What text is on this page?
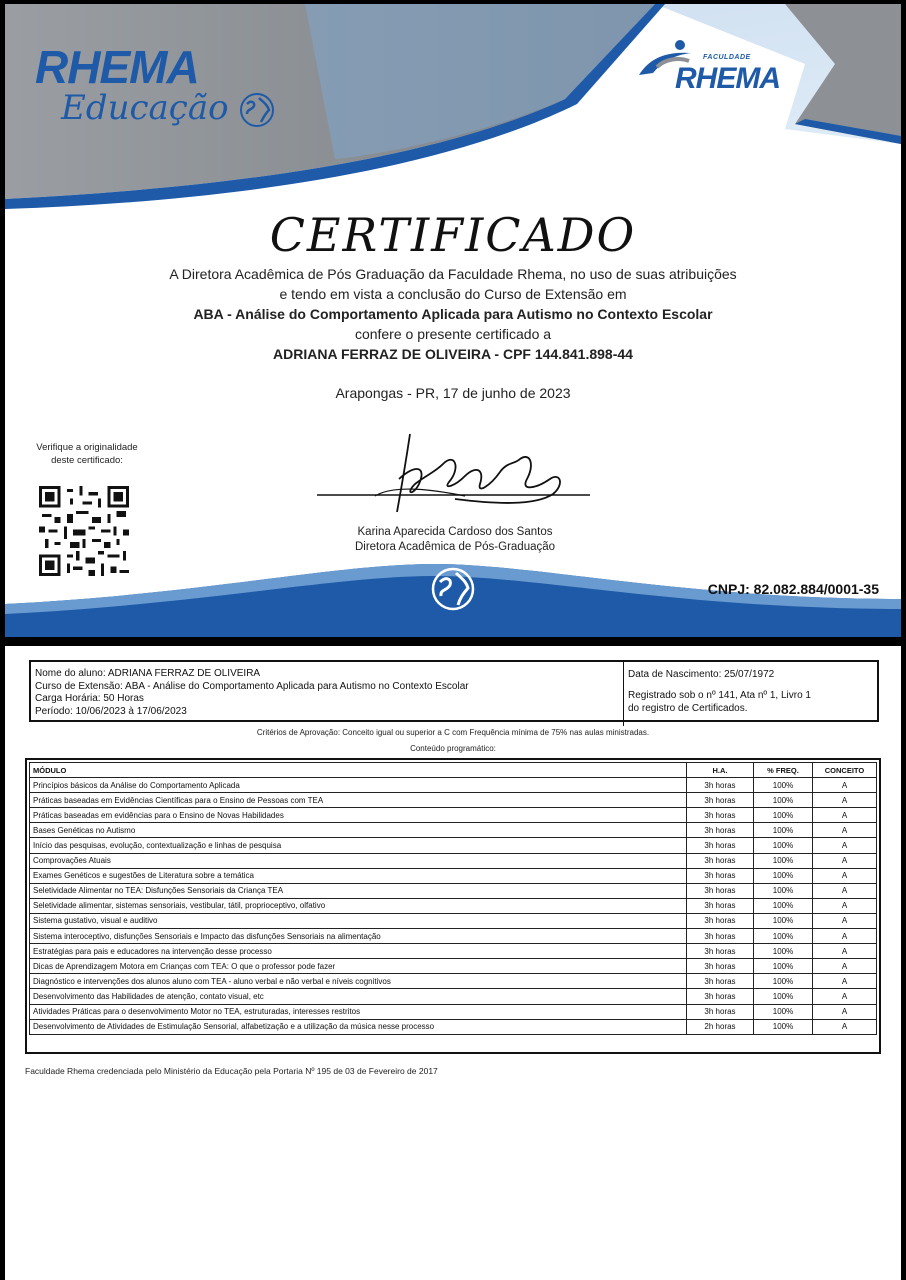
RHEMA
Educação
FACULDADE
RHEMA
CERTIFICADO
A Diretora Acadêmica de Pós Graduação da Faculdade Rhema, no uso de suas atribuições
e tendo em vista a conclusão do Curso de Extensão em
ABA - Análise do Comportamento Aplicada para Autismo no Contexto Escolar
confere o presente certificado a
ADRIANA FERRAZ DE OLIVEIRA - CPF 144.841.898-44
Arapongas - PR, 17 de junho de 2023
Verifique a originalidade
deste certificado:
Karina Aparecida Cardoso dos Santos
Diretora Acadêmica de Pós-Graduação
CNPJ: 82.082.884/0001-35
Nome do aluno: ADRIANA FERRAZ DE OLIVEIRA
Curso de Extensão: ABA - Análise do Comportamento Aplicada para Autismo no Contexto Escolar
Carga Horária: 50 Horas
Período: 10/06/2023 à 17/06/2023
Data de Nascimento: 25/07/1972
Registrado sob o nº 141, Ata nº 1, Livro 1
do registro de Certificados.
Critérios de Aprovação: Conceito igual ou superior a C com Frequência mínima de 75% nas aulas ministradas.
Conteúdo programático:
MÓDULO	H.A.	% FREQ.	CONCEITO
Princípios básicos da Análise do Comportamento Aplicada	3h horas	100%	A
Práticas baseadas em Evidências Científicas para o Ensino de Pessoas com TEA	3h horas	100%	A
Práticas baseadas em evidências para o Ensino de Novas Habilidades	3h horas	100%	A
Bases Genéticas no Autismo	3h horas	100%	A
Início das pesquisas, evolução, contextualização e linhas de pesquisa	3h horas	100%	A
Comprovações Atuais	3h horas	100%	A
Exames Genéticos e sugestões de Literatura sobre a temática	3h horas	100%	A
Seletividade Alimentar no TEA: Disfunções Sensoriais da Criança TEA	3h horas	100%	A
Seletividade alimentar, sistemas sensoriais, vestibular, tátil, proprioceptivo, olfativo	3h horas	100%	A
Sistema gustativo, visual e auditivo	3h horas	100%	A
Sistema interoceptivo, disfunções Sensoriais e Impacto das disfunções Sensoriais na alimentação	3h horas	100%	A
Estratégias para pais e educadores na intervenção desse processo	3h horas	100%	A
Dicas de Aprendizagem Motora em Crianças com TEA: O que o professor pode fazer	3h horas	100%	A
Diagnóstico e intervenções dos alunos aluno com TEA - aluno verbal e não verbal e níveis cognitivos	3h horas	100%	A
Desenvolvimento das Habilidades de atenção, contato visual, etc	3h horas	100%	A
Atividades Práticas para o desenvolvimento Motor no TEA, estruturadas, interesses restritos	3h horas	100%	A
Desenvolvimento de Atividades de Estimulação Sensorial, alfabetização e a utilização da música nesse processo	2h horas	100%	A
Faculdade Rhema credenciada pelo Ministério da Educação pela Portaria Nº 195 de 03 de Fevereiro de 2017
